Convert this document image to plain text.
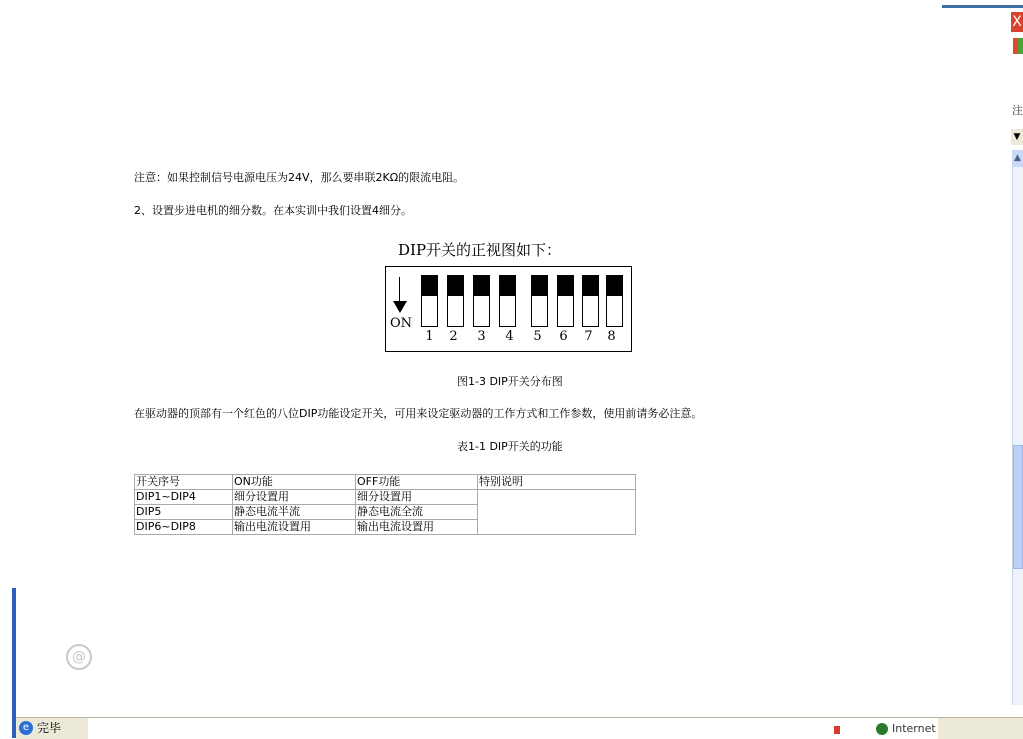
注意：如果控制信号电源电压为24V，那么要串联2KΩ的限流电阻。
2、设置步进电机的细分数。在本实训中我们设置4细分。
DIP开关的正视图如下：
ON
1	2	3	4	5	6	7	8
图1-3 DIP开关分布图
在驱动器的顶部有一个红色的八位DIP功能设定开关，可用来设定驱动器的工作方式和工作参数，使用前请务必注意。
表1-1 DIP开关的功能
开关序号	ON功能	OFF功能	特别说明
DIP1~DIP4	细分设置用	细分设置用	
DIP5	静态电流半流	静态电流全流	
DIP6~DIP8	输出电流设置用	输出电流设置用	
X
注
▼
▲
@
e 完毕	Internet
